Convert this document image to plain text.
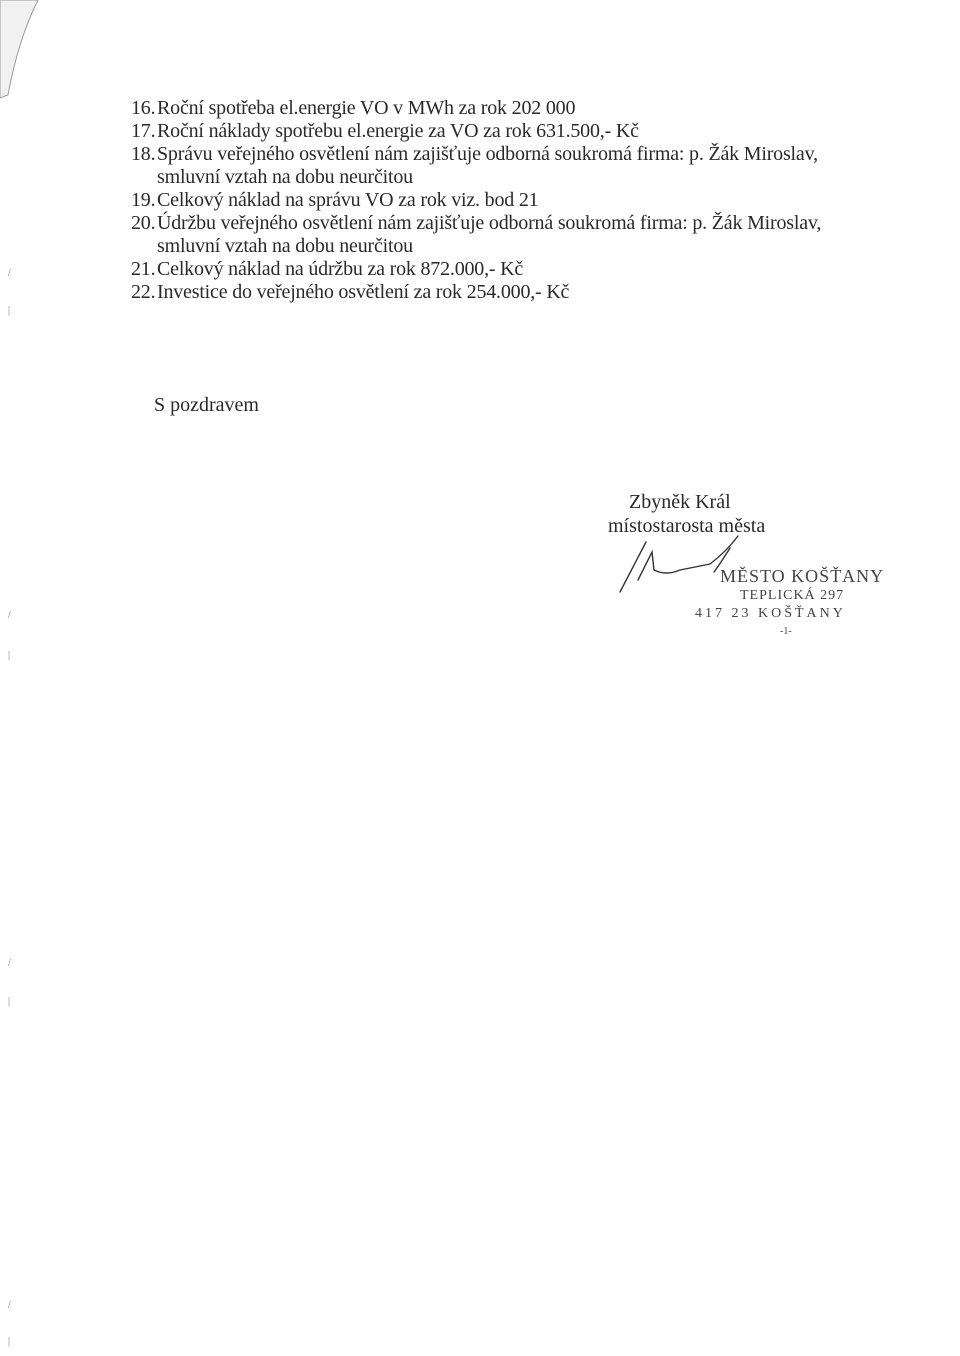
/
|
/
|
/
|
/
|
16. Roční spotřeba el.energie VO v MWh za rok 202 000
17. Roční náklady spotřebu el.energie za VO za rok 631.500,- Kč
18. Správu veřejného osvětlení nám zajišťuje odborná soukromá firma: p. Žák Miroslav,
smluvní vztah na dobu neurčitou
19. Celkový náklad na správu VO za rok viz. bod 21
20. Údržbu veřejného osvětlení nám zajišťuje odborná soukromá firma: p. Žák Miroslav,
smluvní vztah na dobu neurčitou
21. Celkový náklad na údržbu za rok 872.000,- Kč
22. Investice do veřejného osvětlení za rok 254.000,- Kč
S pozdravem
Zbyněk Král
místostarosta města
MĚSTO KOŠŤANY
TEPLICKÁ 297
417 23 KOŠŤANY
-1-
